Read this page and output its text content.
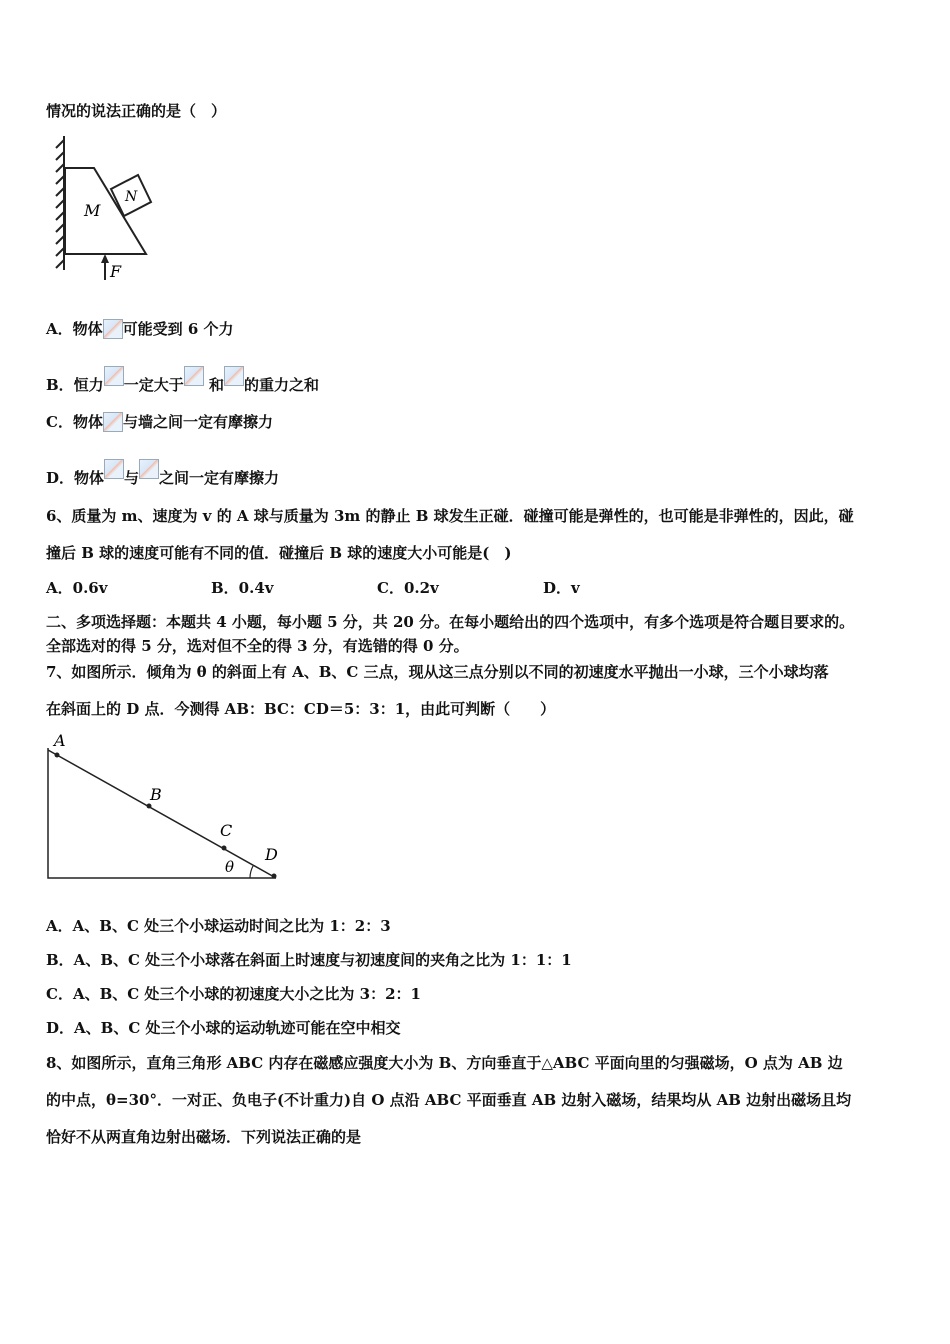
情况的说法正确的是（　）
M
N
F
A．物体 可能受到 6 个力
B．恒力 一定大于 和 的重力之和
C．物体 与墙之间一定有摩擦力
D．物体 与 之间一定有摩擦力
6、质量为 m、速度为 v 的 A 球与质量为 3m 的静止 B 球发生正碰．碰撞可能是弹性的，也可能是非弹性的，因此，碰
撞后 B 球的速度可能有不同的值．碰撞后 B 球的速度大小可能是(　)
A．0.6v	B．0.4v	C．0.2v	D．v
二、多项选择题：本题共 4 小题，每小题 5 分，共 20 分。在每小题给出的四个选项中，有多个选项是符合题目要求的。
全部选对的得 5 分，选对但不全的得 3 分，有选错的得 0 分。
7、如图所示．倾角为 θ 的斜面上有 A、B、C 三点，现从这三点分别以不同的初速度水平抛出一小球，三个小球均落
在斜面上的 D 点．今测得 AB：BC：CD＝5：3：1，由此可判断（　　）
A
B
C
D
θ
A．A、B、C 处三个小球运动时间之比为 1：2：3
B．A、B、C 处三个小球落在斜面上时速度与初速度间的夹角之比为 1：1：1
C．A、B、C 处三个小球的初速度大小之比为 3：2：1
D．A、B、C 处三个小球的运动轨迹可能在空中相交
8、如图所示，直角三角形 ABC 内存在磁感应强度大小为 B、方向垂直于△ABC 平面向里的匀强磁场，O 点为 AB 边
的中点，θ=30°．一对正、负电子(不计重力)自 O 点沿 ABC 平面垂直 AB 边射入磁场，结果均从 AB 边射出磁场且均
恰好不从两直角边射出磁场．下列说法正确的是
